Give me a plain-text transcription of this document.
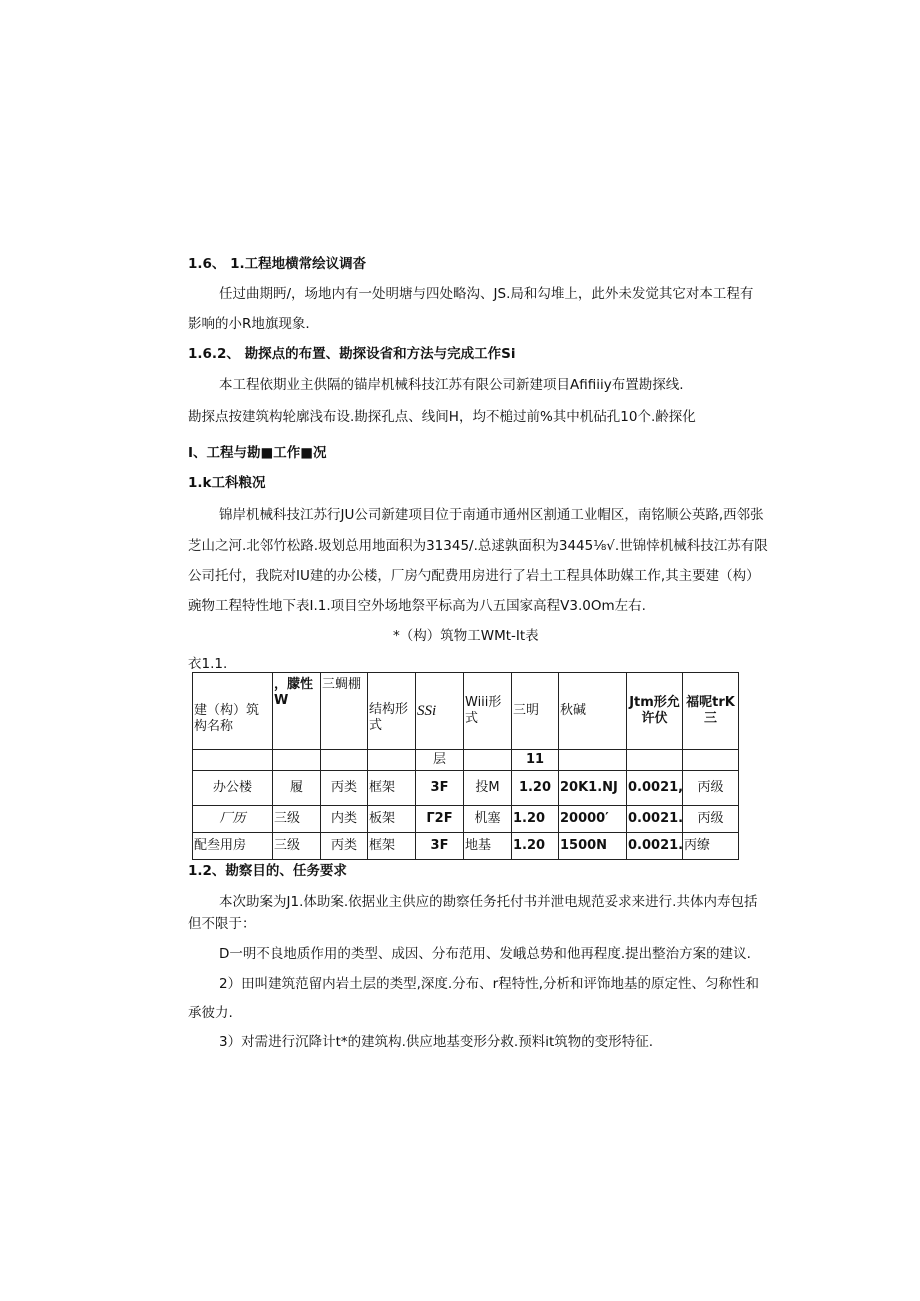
1.6、 1.工程地横常绘议调沓
任过曲期眄/，场地内有一处明塘与四处略沟、JS.局和勾堆上，此外未发觉其它对本工程有
影响的小R地旗现象.
1.6.2、 勘探点的布置、勘探设省和方法与完成工作Si
本工程依期业主供隔的锚岸机械科技江苏有限公司新建项目Afifiiiy布置勘探线.
勘探点按建筑构轮廓浅布设.勘探孔点、线间H，均不槌过前%其中机砧孔10个.齢探化
I、工程与勘■工作■况
1.k工科粮况
锦岸机械科技江苏行JU公司新建项目位于南通市通州区割通工业帽区，南铭顺公英路,西邻张
芝山之河.北邻竹松路.圾划总用地面积为31345/.总逑孰面积为3445⅛√.世锦悻机械科技江苏有限
公司托付，我院对IU建的办公楼，厂房勺配费用房进行了岩土工程具体助媒工作,其主要建（构）
豌物工程特性地下表I.1.项目空外场地祭平标高为八五国家高程V3.0Om左右.
*（构）筑物工WMt-It表
衣1.1.
建（构）筑构名称	，朦性W	三蜩棚	结构形式	SSi	Wiii形式	三明	秋碱	Jtm形允许伏	福呢trK三
				层		11			
办公楼	履	丙类	框架	3F	投M	1.20	20K1.NJ	0.0021,	丙级
厂历	三级	内类	板架	Γ2F	机塞	1.20	20000′	0.0021.	丙级
配叁用房	三级	丙类	框架	3F	地基	1.20	1500N	0.0021.	丙缭
1.2、勘察目的、任务要求
本次助案为J1.体助案.依据业主供应的勘察任务托付书并泄电规范妥求来进行.共体内寿包括
但不限于：
D一明不良地质作用的类型、成因、分布范用、发峨总势和他再程度.提出整治方案的建议.
2）田叫建筑范留内岩土层的类型,深度.分布、r程特性,分析和评饰地基的原定性、匀称性和
承彼力.
3）对需进行沉降计t*的建筑构.供应地基变形分救.预料it筑物的变形特征.
